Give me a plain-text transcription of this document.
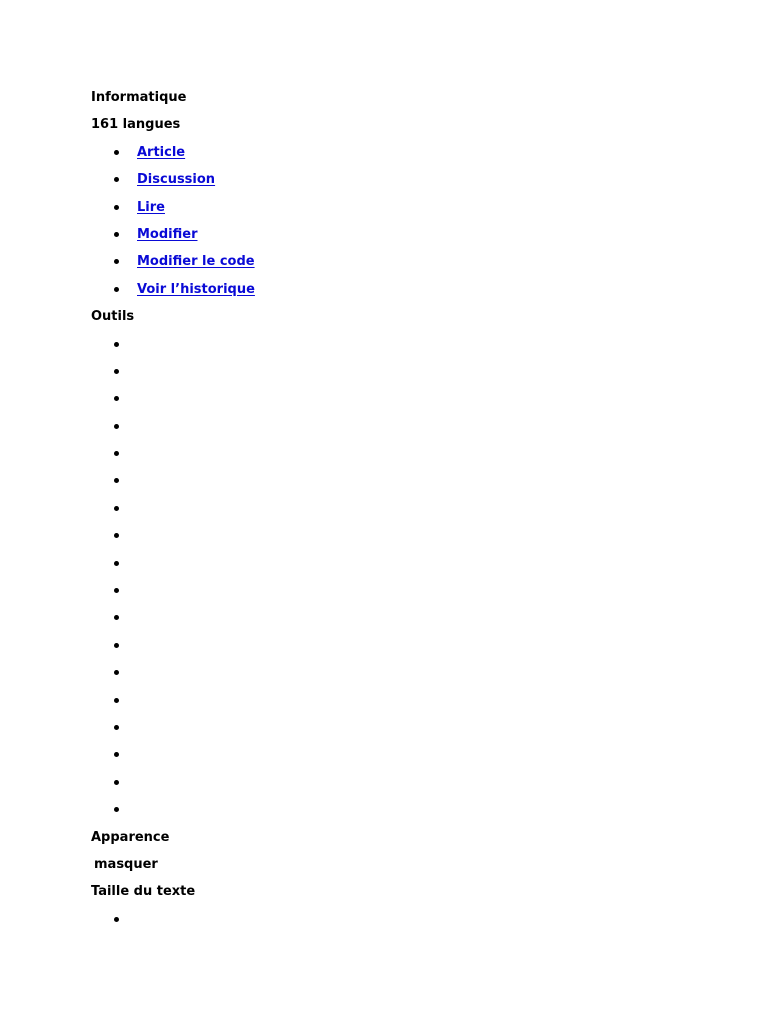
Informatique
161 langues
Article
Discussion
Lire
Modifier
Modifier le code
Voir l’historique
Outils
Apparence
masquer
Taille du texte
